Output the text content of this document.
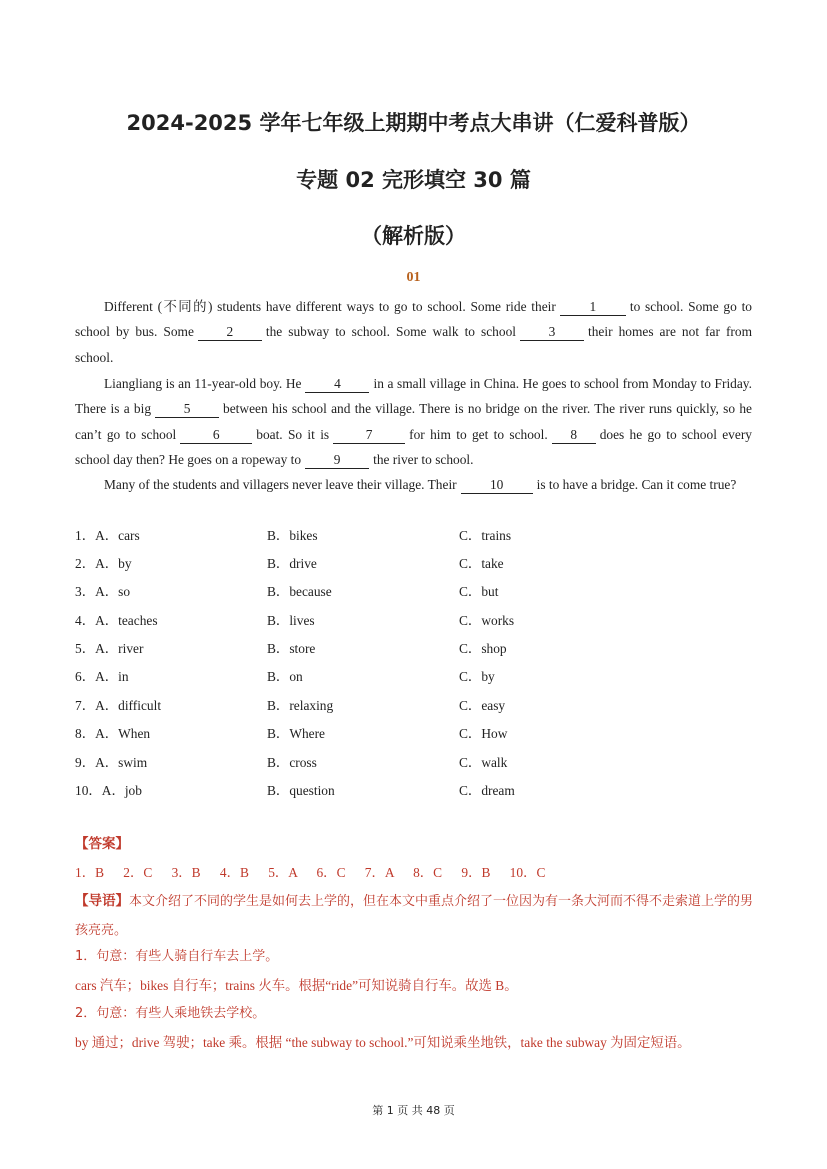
2024-2025 学年七年级上期期中考点大串讲（仁爱科普版）
专题 02 完形填空 30 篇
（解析版）
01

Different (不同的) students have different ways to go to school. Some ride their	1	to school. Some go to school by bus. Some 2 the subway to school. Some walk to school 3 their homes are not far from school.

Liangliang is an 11-year-old boy. He 4 in a small village in China. He goes to school from Monday to Friday. There is a big 5 between his school and the village. There is no bridge on the river. The river runs quickly, so he can’t go to school	6	boat. So it is	7	for him to get to school. 8 does he go to school every school day then? He goes on a ropeway to 9 the river to school.

Many of the students and villagers never leave their village. Their 10 is to have a bridge. Can it come true?

1．A．cars	B．bikes	C．trains
2．A．by	B．drive	C．take
3．A．so	B．because	C．but
4．A．teaches	B．lives	C．works
5．A．river	B．store	C．shop
6．A．in	B．on	C．by
7．A．difficult	B．relaxing	C．easy
8．A．When	B．Where	C．How
9．A．swim	B．cross	C．walk
10．A．job	B．question	C．dream
【答案】
1．B 2．C 3．B 4．B 5．A 6．C 7．A 8．C 9．B 10．C
【导语】本文介绍了不同的学生是如何去上学的，但在本文中重点介绍了一位因为有一条大河而不得不走索道上学的男孩亮亮。
1．句意：有些人骑自行车去上学。
cars 汽车；bikes 自行车；trains 火车。根据“ride”可知说骑自行车。故选 B。
2．句意：有些人乘地铁去学校。
by 通过；drive 驾驶；take 乘。根据 “the subway to school.”可知说乘坐地铁，take the subway 为固定短语。
第 1 页 共 48 页
